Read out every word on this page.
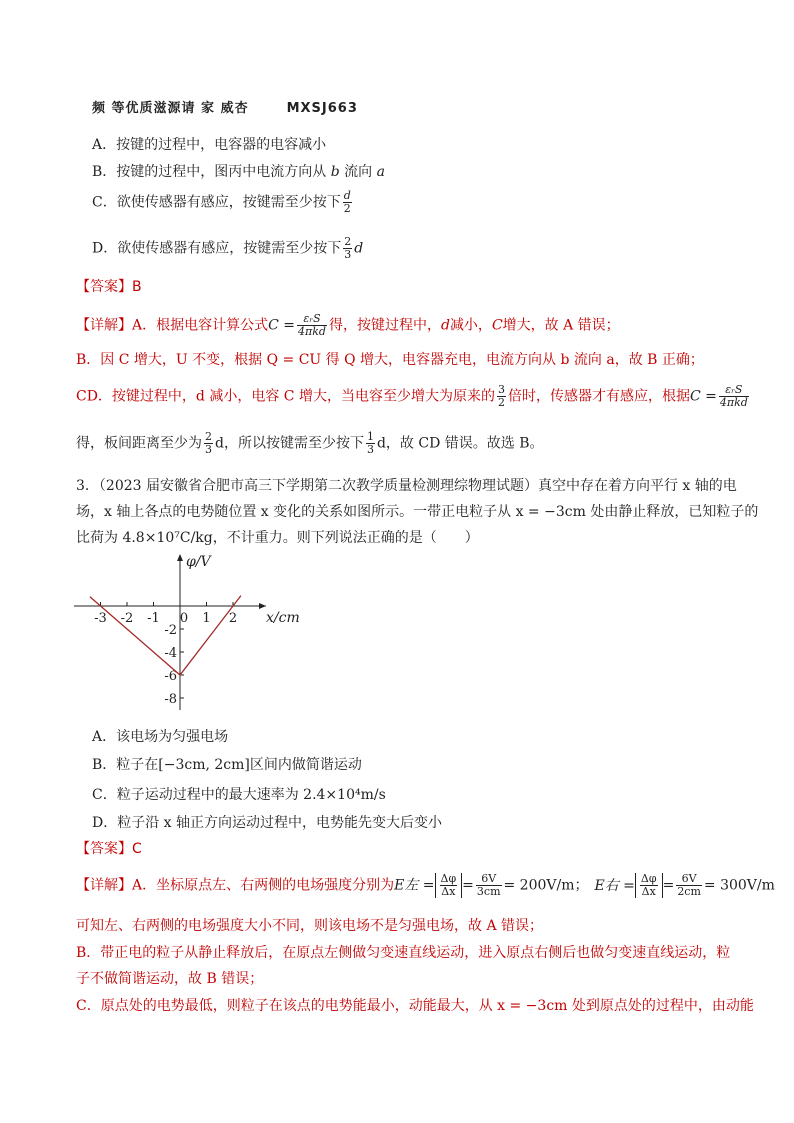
频 等优质滋源请 家 威杏	MXSJ663
A．按键的过程中，电容器的电容减小
B．按键的过程中，图丙中电流方向从 b 流向 a
C．欲使传感器有感应，按键需至少按下 $\frac{d}{2}$
D．欲使传感器有感应，按键需至少按下 $\frac{2}{3}$ d
【答案】B
【详解】A．根据电容计算公式$C = \frac{\text{εᵣS}}{\text{4πkd}}$ 得，按键过程中，d减小，C增大，故 A 错误；
B．因 C 增大，U 不变，根据 Q = CU 得 Q 增大，电容器充电，电流方向从 b 流向 a，故 B 正确；
CD．按键过程中，d 减小，电容 C 增大，当电容至少增大为原来的 $\frac{3}{2}$ 倍时，传感器才有感应，根据$C = \frac{\text{εᵣS}}{\text{4πkd}}$
得，板间距离至少为 $\frac{2}{3}$ d，所以按键需至少按下 $\frac{1}{3}$ d，故 CD 错误。故选 B。
3．（2023 届安徽省合肥市高三下学期第二次教学质量检测理综物理试题）真空中存在着方向平行 x 轴的电
场，x 轴上各点的电势随位置 x 变化的关系如图所示。一带正电粒子从 x = −3cm 处由静止释放，已知粒子的
比荷为 4.8×10⁷C/kg，不计重力。则下列说法正确的是（　　）
φ/V
x/cm
-3 -2 -1 0 1 2
-2
-4
-6
-8
A．该电场为匀强电场
B．粒子在[−3cm, 2cm]区间内做简谐运动
C．粒子运动过程中的最大速率为 2.4×10⁴m/s
D．粒子沿 x 轴正方向运动过程中，电势能先变大后变小
【答案】C
【详解】A．坐标原点左、右两侧的电场强度分别为E左 = $\frac{\Delta\varphi}{\Delta x} = \frac{6V}{3cm} = 200V/m$； E右 = $\frac{\Delta\varphi}{\Delta x} = \frac{6V}{2cm} = 300V/m$
可知左、右两侧的电场强度大小不同，则该电场不是匀强电场，故 A 错误；
B．带正电的粒子从静止释放后，在原点左侧做匀变速直线运动，进入原点右侧后也做匀变速直线运动，粒
子不做简谐运动，故 B 错误；
C．原点处的电势最低，则粒子在该点的电势能最小，动能最大，从 x = −3cm 处到原点处的过程中，由动能
